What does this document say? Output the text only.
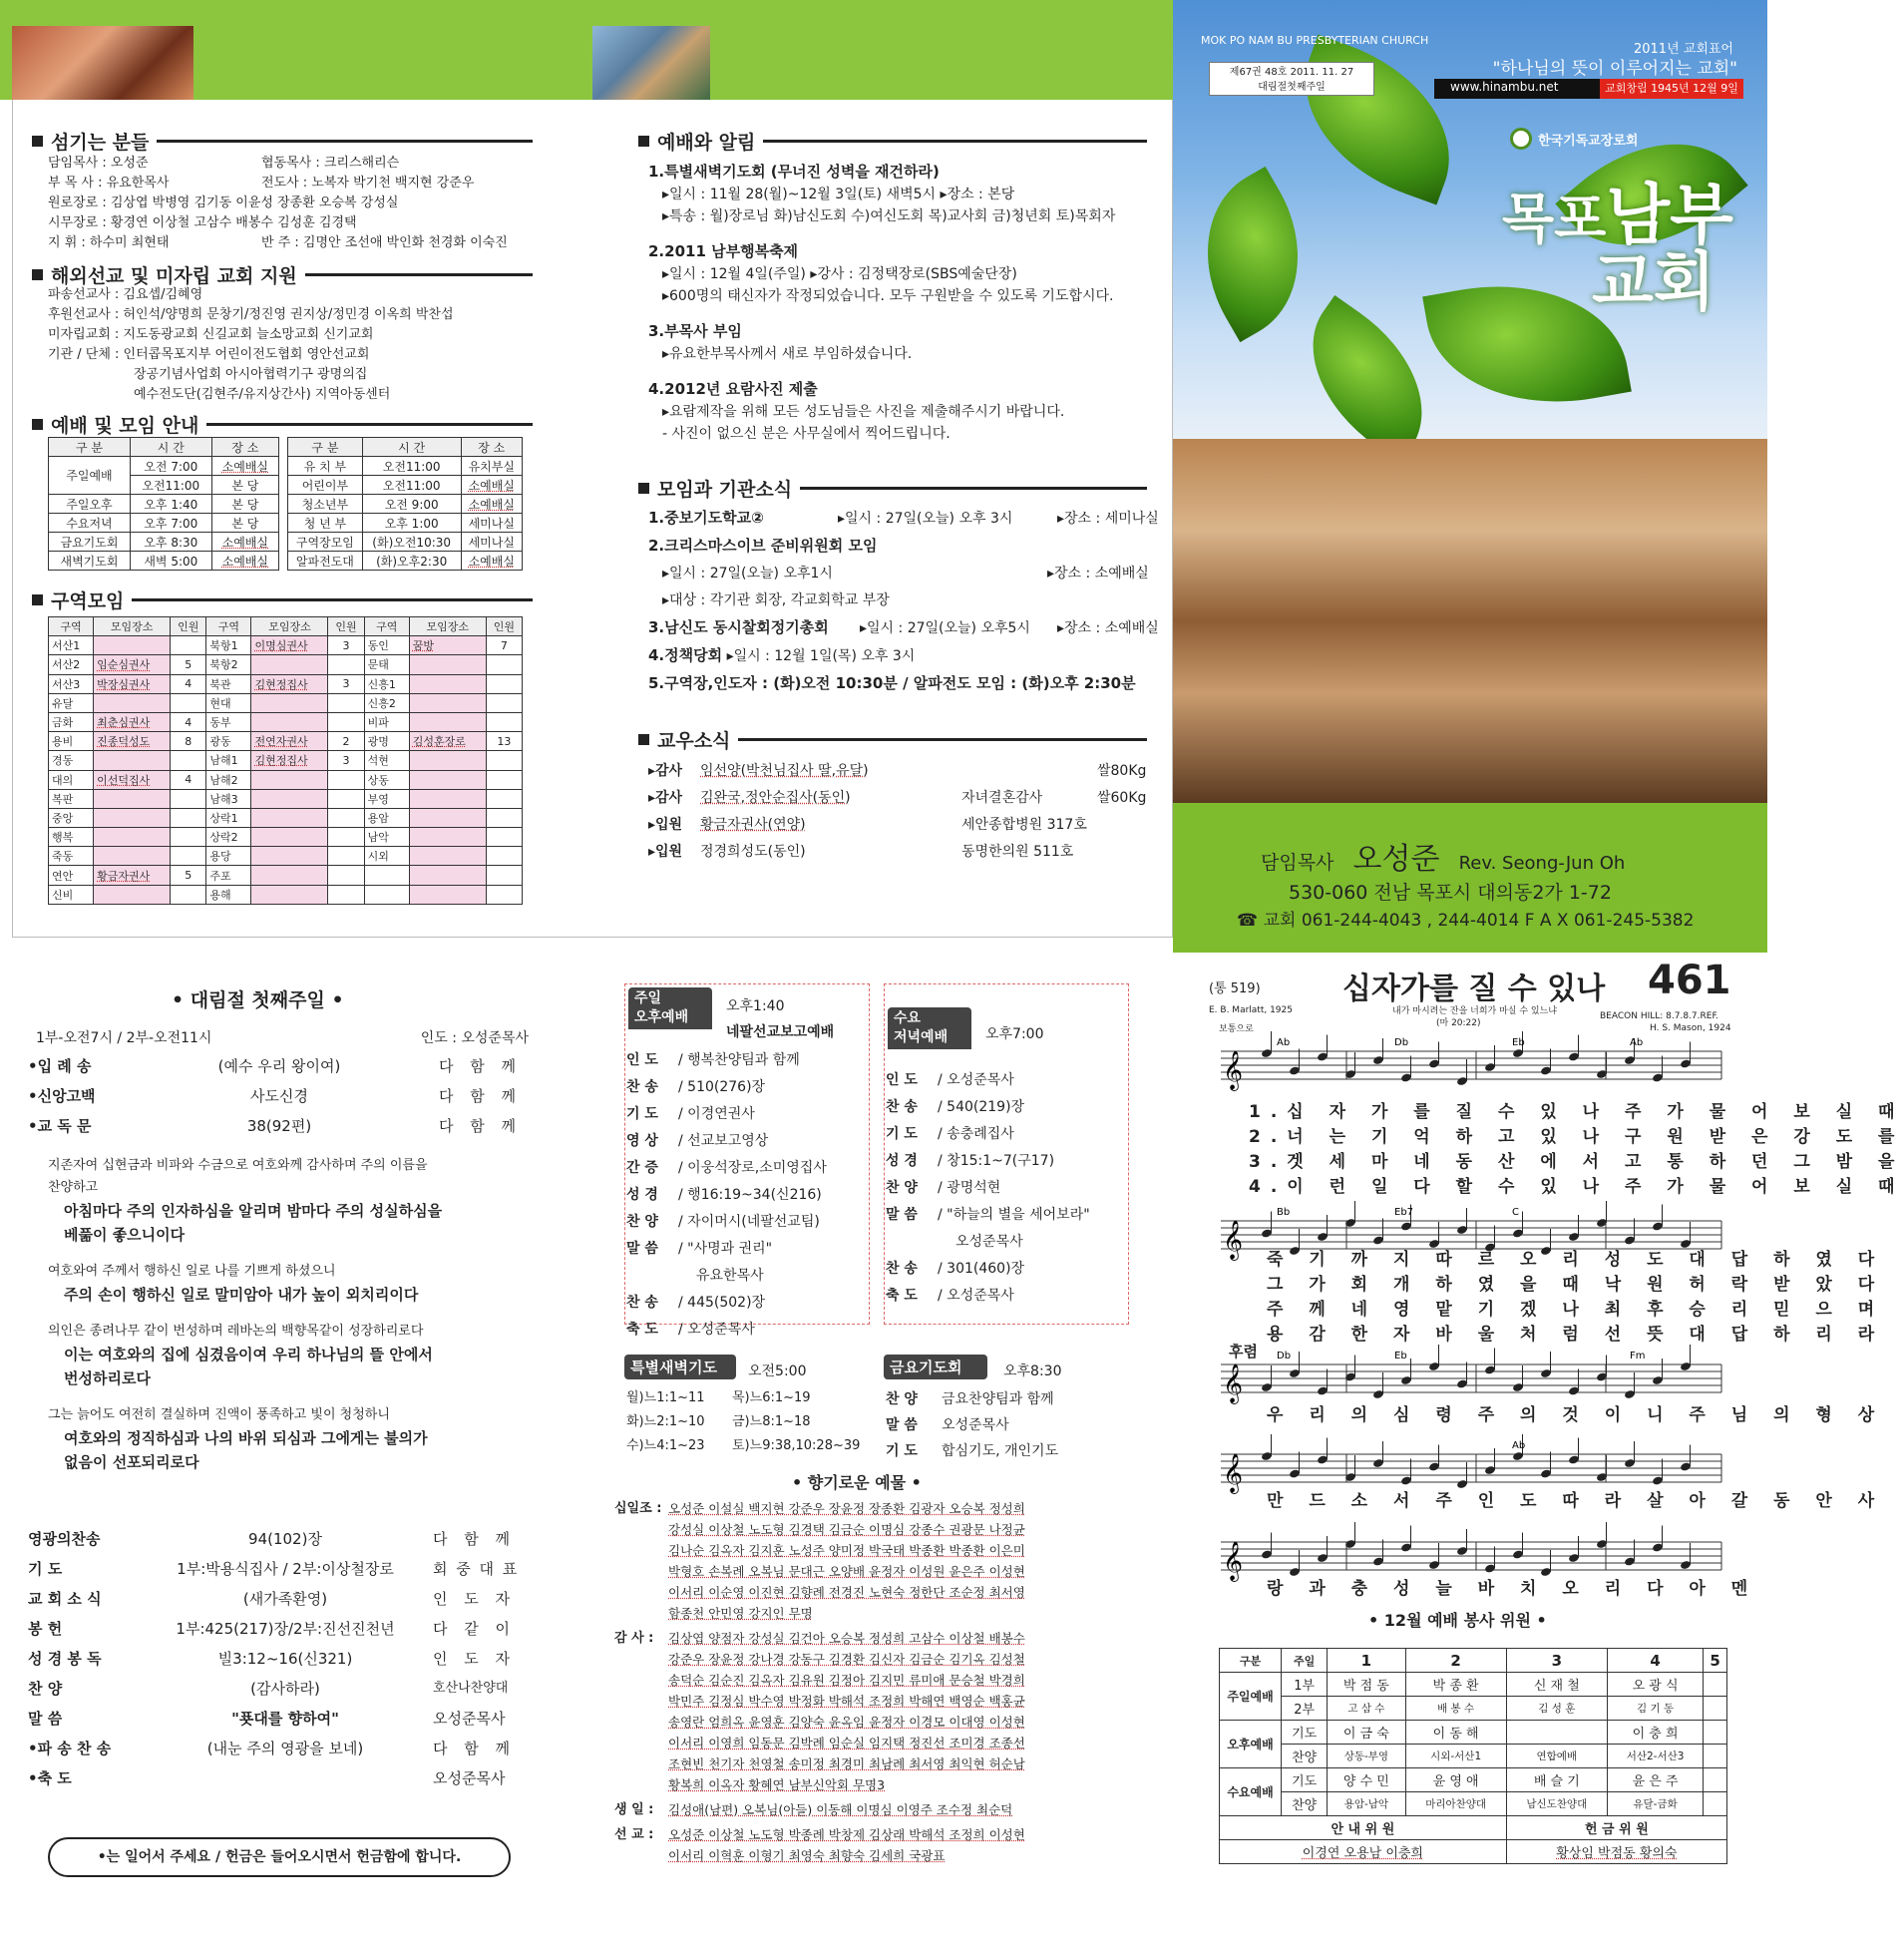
섬기는 분들
담임목사 : 오성준	협동목사 : 크리스해리슨
부 목 사 : 유요한목사	전도사 : 노복자 박기천 백지현 강준우
원로장로 : 김상엽 박병영 김기동 이윤성 장종환 오승복 강성실
시무장로 : 황경연 이상철 고삼수 배봉수 김성훈 김경택
지 휘 : 하수미 최현태	반 주 : 김명안 조선애 박인화 천경화 이숙진
해외선교 및 미자립 교회 지원
파송선교사 : 김요셉/김혜영
후원선교사 : 허인석/양명희 문창기/정진영 권지상/정민경 이옥희 박찬섭
미자립교회 : 지도동광교회 신길교회 늘소망교회 신기교회
기관 / 단체 : 인터콥목포지부 어린이전도협회 영안선교회
장공기념사업회 아시아협력기구 광명의집
예수전도단(김현주/유지상간사) 지역아동센터
예배 및 모임 안내
구 분	시 간	장 소
주일예배	오전 7:00	소예배실
	오전11:00	본 당
주일오후	오후 1:40	본 당
수요저녁	오후 7:00	본 당
금요기도회	오후 8:30	소예배실
새벽기도회	새벽 5:00	소예배실
구 분	시 간	장 소
유 치 부	오전11:00	유치부실
어린이부	오전11:00	소예배실
청소년부	오전 9:00	소예배실
청 년 부	오후 1:00	세미나실
구역장모임	(화)오전10:30	세미나실
알파전도대	(화)오후2:30	소예배실
구역모임
구역	모임장소	인원	구역	모임장소	인원	구역	모임장소	인원
서산1			북항1	이명심권사	3	동인	꿈방	7
서산2	임순심권사	5	북항2			문태		
서산3	박장심권사	4	북관	김현정집사	3	신흥1		
유달			현대			신흥2		
금화	최춘심권사	4	동부			비파		
용비	진종덕성도	8	광동	전연자권사	2	광명	김성훈장로	13
경동			남해1	김현정집사	3	석현		
대의	이선덕집사	4	남해2			상동		
복판			남해3			부영		
중앙			상락1			용암		
행복			상락2			남악		
죽동			용당			시외		
연안	황금자권사	5	주포					
신비			용해					
예배와 알림
1.특별새벽기도회 (무너진 성벽을 재건하라)
▸일시 : 11월 28(월)~12월 3일(토) 새벽5시 ▸장소 : 본당
▸특송 : 월)장로님 화)남신도회 수)여신도회 목)교사회 금)청년회 토)목회자
2.2011 남부행복축제
▸일시 : 12월 4일(주일) ▸강사 : 김정택장로(SBS예술단장)
▸600명의 태신자가 작정되었습니다. 모두 구원받을 수 있도록 기도합시다.
3.부목사 부임
▸유요한부목사께서 새로 부임하셨습니다.
4.2012년 요람사진 제출
▸요람제작을 위해 모든 성도님들은 사진을 제출해주시기 바랍니다.
- 사진이 없으신 분은 사무실에서 찍어드립니다.
모임과 기관소식
1.중보기도학교②	▸일시 : 27일(오늘) 오후 3시	▸장소 : 세미나실
2.크리스마스이브 준비위원회 모임
▸일시 : 27일(오늘) 오후1시	▸장소 : 소예배실
▸대상 : 각기관 회장, 각교회학교 부장
3.남신도 동시찰회정기총회 ▸일시 : 27일(오늘) 오후5시 ▸장소 : 소예배실
4.정책당회 ▸일시 : 12월 1일(목) 오후 3시
5.구역장,인도자 : (화)오전 10:30분 / 알파전도 모임 : (화)오후 2:30분
교우소식
▸감사 임선양(박천님집사 딸,유달)	쌀80Kg
▸감사 김완국,정안순집사(동인)	자녀결혼감사	쌀60Kg
▸입원 황금자권사(연양)	세안종합병원 317호
▸입원 정경희성도(동인)	동명한의원 511호
MOK PO NAM BU PRESBYTERIAN CHURCH
제67권 48호 2011. 11. 27
대림절첫째주일
2011년 교회표어
"하나님의 뜻이 이루어지는 교회"
www.hinambu.net	교회창립 1945년 12월 9일
한국기독교장로회
목포남부
교회
담임목사 오성준 Rev. Seong-Jun Oh
530-060 전남 목포시 대의동2가 1-72
☎ 교회 061-244-4043 , 244-4014 F A X 061-245-5382
• 대림절 첫째주일 •
1부-오전7시 / 2부-오전11시	인도 : 오성준목사
•입 례 송	(예수 우리 왕이여)	다 함 께
•신앙고백	사도신경	다 함 께
•교 독 문	38(92편)	다 함 께
지존자여 십현금과 비파와 수금으로 여호와께 감사하며 주의 이름을
찬양하고
아침마다 주의 인자하심을 알리며 밤마다 주의 성실하심을
베풂이 좋으니이다
여호와여 주께서 행하신 일로 나를 기쁘게 하셨으니
주의 손이 행하신 일로 말미암아 내가 높이 외치리이다
의인은 종려나무 같이 번성하며 레바논의 백향목같이 성장하리로다
이는 여호와의 집에 심겼음이여 우리 하나님의 뜰 안에서
번성하리로다
그는 늙어도 여전히 결실하며 진액이 풍족하고 빛이 청청하니
여호와의 정직하심과 나의 바위 되심과 그에게는 불의가
없음이 선포되리로다
영광의찬송	94(102)장	다 함 께
기 도	1부:박용식집사 / 2부:이상철장로	회 중 대 표
교 회 소 식	(새가족환영)	인 도 자
봉 헌	1부:425(217)장/2부:진선진천년	다 같 이
성 경 봉 독	빌3:12~16(신321)	인 도 자
찬 양	(감사하라)	호산나찬양대
말 씀	"푯대를 향하여"	오성준목사
•파 송 찬 송	(내눈 주의 영광을 보네)	다 함 께
•축 도	오성준목사
•는 일어서 주세요 / 헌금은 들어오시면서 헌금함에 합니다.
주일
오후예배
오후1:40
네팔선교보고예배
인 도 / 행복찬양팀과 함께
찬 송 / 510(276)장
기 도 / 이경연권사
영 상 / 선교보고영상
간 증 / 이웅석장로,소미영집사
성 경 / 행16:19~34(신216)
찬 양 / 자이머시(네팔선교팀)
말 씀 / "사명과 권리"
유요한목사
찬 송 / 445(502)장
축 도 / 오성준목사
수요
저녁예배	오후7:00
인 도 / 오성준목사
찬 송 / 540(219)장
기 도 / 송충례집사
성 경 / 창15:1~7(구17)
찬 양 / 광명석현
말 씀 / "하늘의 별을 세어보라"
오성준목사
찬 송 / 301(460)장
축 도 / 오성준목사
특별새벽기도	오전5:00
월)느1:1~11 목)느6:1~19
화)느2:1~10 금)느8:1~18
수)느4:1~23 토)느9:38,10:28~39
금요기도회	오후8:30
찬 양 금요찬양팀과 함께
말 씀 오성준목사
기 도 합심기도, 개인기도
• 향기로운 예물 •
십일조 : 오성준 이설실 백지현 강준우 장윤정 장종환 김광자 오승복 정성희
강성실 이상철 노도형 김경택 김금순 이명심 강종수 권광문 나정균
김나순 김옥자 김지훈 노성주 양미정 박국태 박종환 박종환 이은미
박형호 손복례 오복님 문대근 오양배 윤정자 이성원 윤은주 이성현
이서리 이순영 이진현 김향례 전경진 노현숙 정한단 조순정 최서영
함종천 안민영 강지인 무명
감 사 :	김상엽 양점자 강성실 김건아 오승복 정성희 고삼수 이상철 배봉수
강준우 장윤정 강나경 강동구 김경환 김신자 김금순 김기옥 김성철
송덕순 김순진 김옥자 김유원 김정아 김지민 류미애 문승철 박경희
박민주 김정심 박수영 박정화 박해석 조정희 박해연 백영순 백홍균
송영란 엄희옥 윤영훈 김양숙 윤옥임 윤정자 이경모 이대영 이성현
이서리 이영희 임동문 김박례 임순실 임지택 정진선 조미경 조종선
조현빈 천기자 천영철 송미정 최경미 최남례 최서영 최익현 허순남
황복희 이옥자 황혜연 남부신악회 무명3
생 일 :	김성애(남편) 오복님(아들) 이동해 이명심 이영주 조수정 최순덕
선 교 :	오성준 이상철 노도형 박종례 박창제 김상래 박해석 조정희 이성현
이서리 이혁훈 이형기 최영숙 최향숙 김세희 국광표
(통 519)	십자가를 질 수 있나 461
E. B. Marlatt, 1925
보통으로
내가 마시려는 잔을 너희가 마실 수 있느냐
(마 20:22)
BEACON HILL: 8.7.8.7.REF.
H. S. Mason, 1924
𝄞
𝄞
𝄞
𝄞
𝄞
Ab	Db	Eb	Ab
Bb	Eb7	C
Fm
Db	Eb
Ab
1.십 자 가 를 질 수 있 나 주 가 물 어 보 실 때
2.너 는 기 억 하 고 있 나 구 원 받 은 강 도 를
3.겟 세 마 네 동 산 에 서 고 통 하 던 그 밤 을
4.이 런 일 다 할 수 있 나 주 가 물 어 보 실 때
죽 기 까 지 따 르 오 리 성 도 대 답 하 였 다
그 가 회 개 하 였 을 때 낙 원 허 락 받 았 다
주 께 네 영 맡 기 겠 나 최 후 승 리 믿 으 며
용 감 한 자 바 울 처 럼 선 뜻 대 답 하 리 라
후렴
우 리 의 심 령 주 의 것 이 니 주 님 의 형 상
만 드 소 서 주 인 도 따 라 살 아 갈 동 안 사
랑 과 충 성 늘 바 치 오 리 다 아 멘
• 12월 예배 봉사 위원 •
구분	주일	1	2	3	4	5
주일예배	1부	박 점 동	박 종 환	신 재 철	오 광 식	
	2부	고 삼 수	배 봉 수	김 성 훈	김 기 동	
오후예배	기도	이 금 숙	이 동 해		이 충 희	
	찬양	상동-부영	시외-서산1	연합예배	서산2-서산3	
수요예배	기도	양 수 민	윤 영 애	배 슬 기	윤 은 주	
	찬양	용암-남악	마리아찬양대	남신도찬양대	유달-금화	
안 내 위 원				헌 금 위 원		
이경연 오용남 이충희				황상임 박점동 황의숙		
